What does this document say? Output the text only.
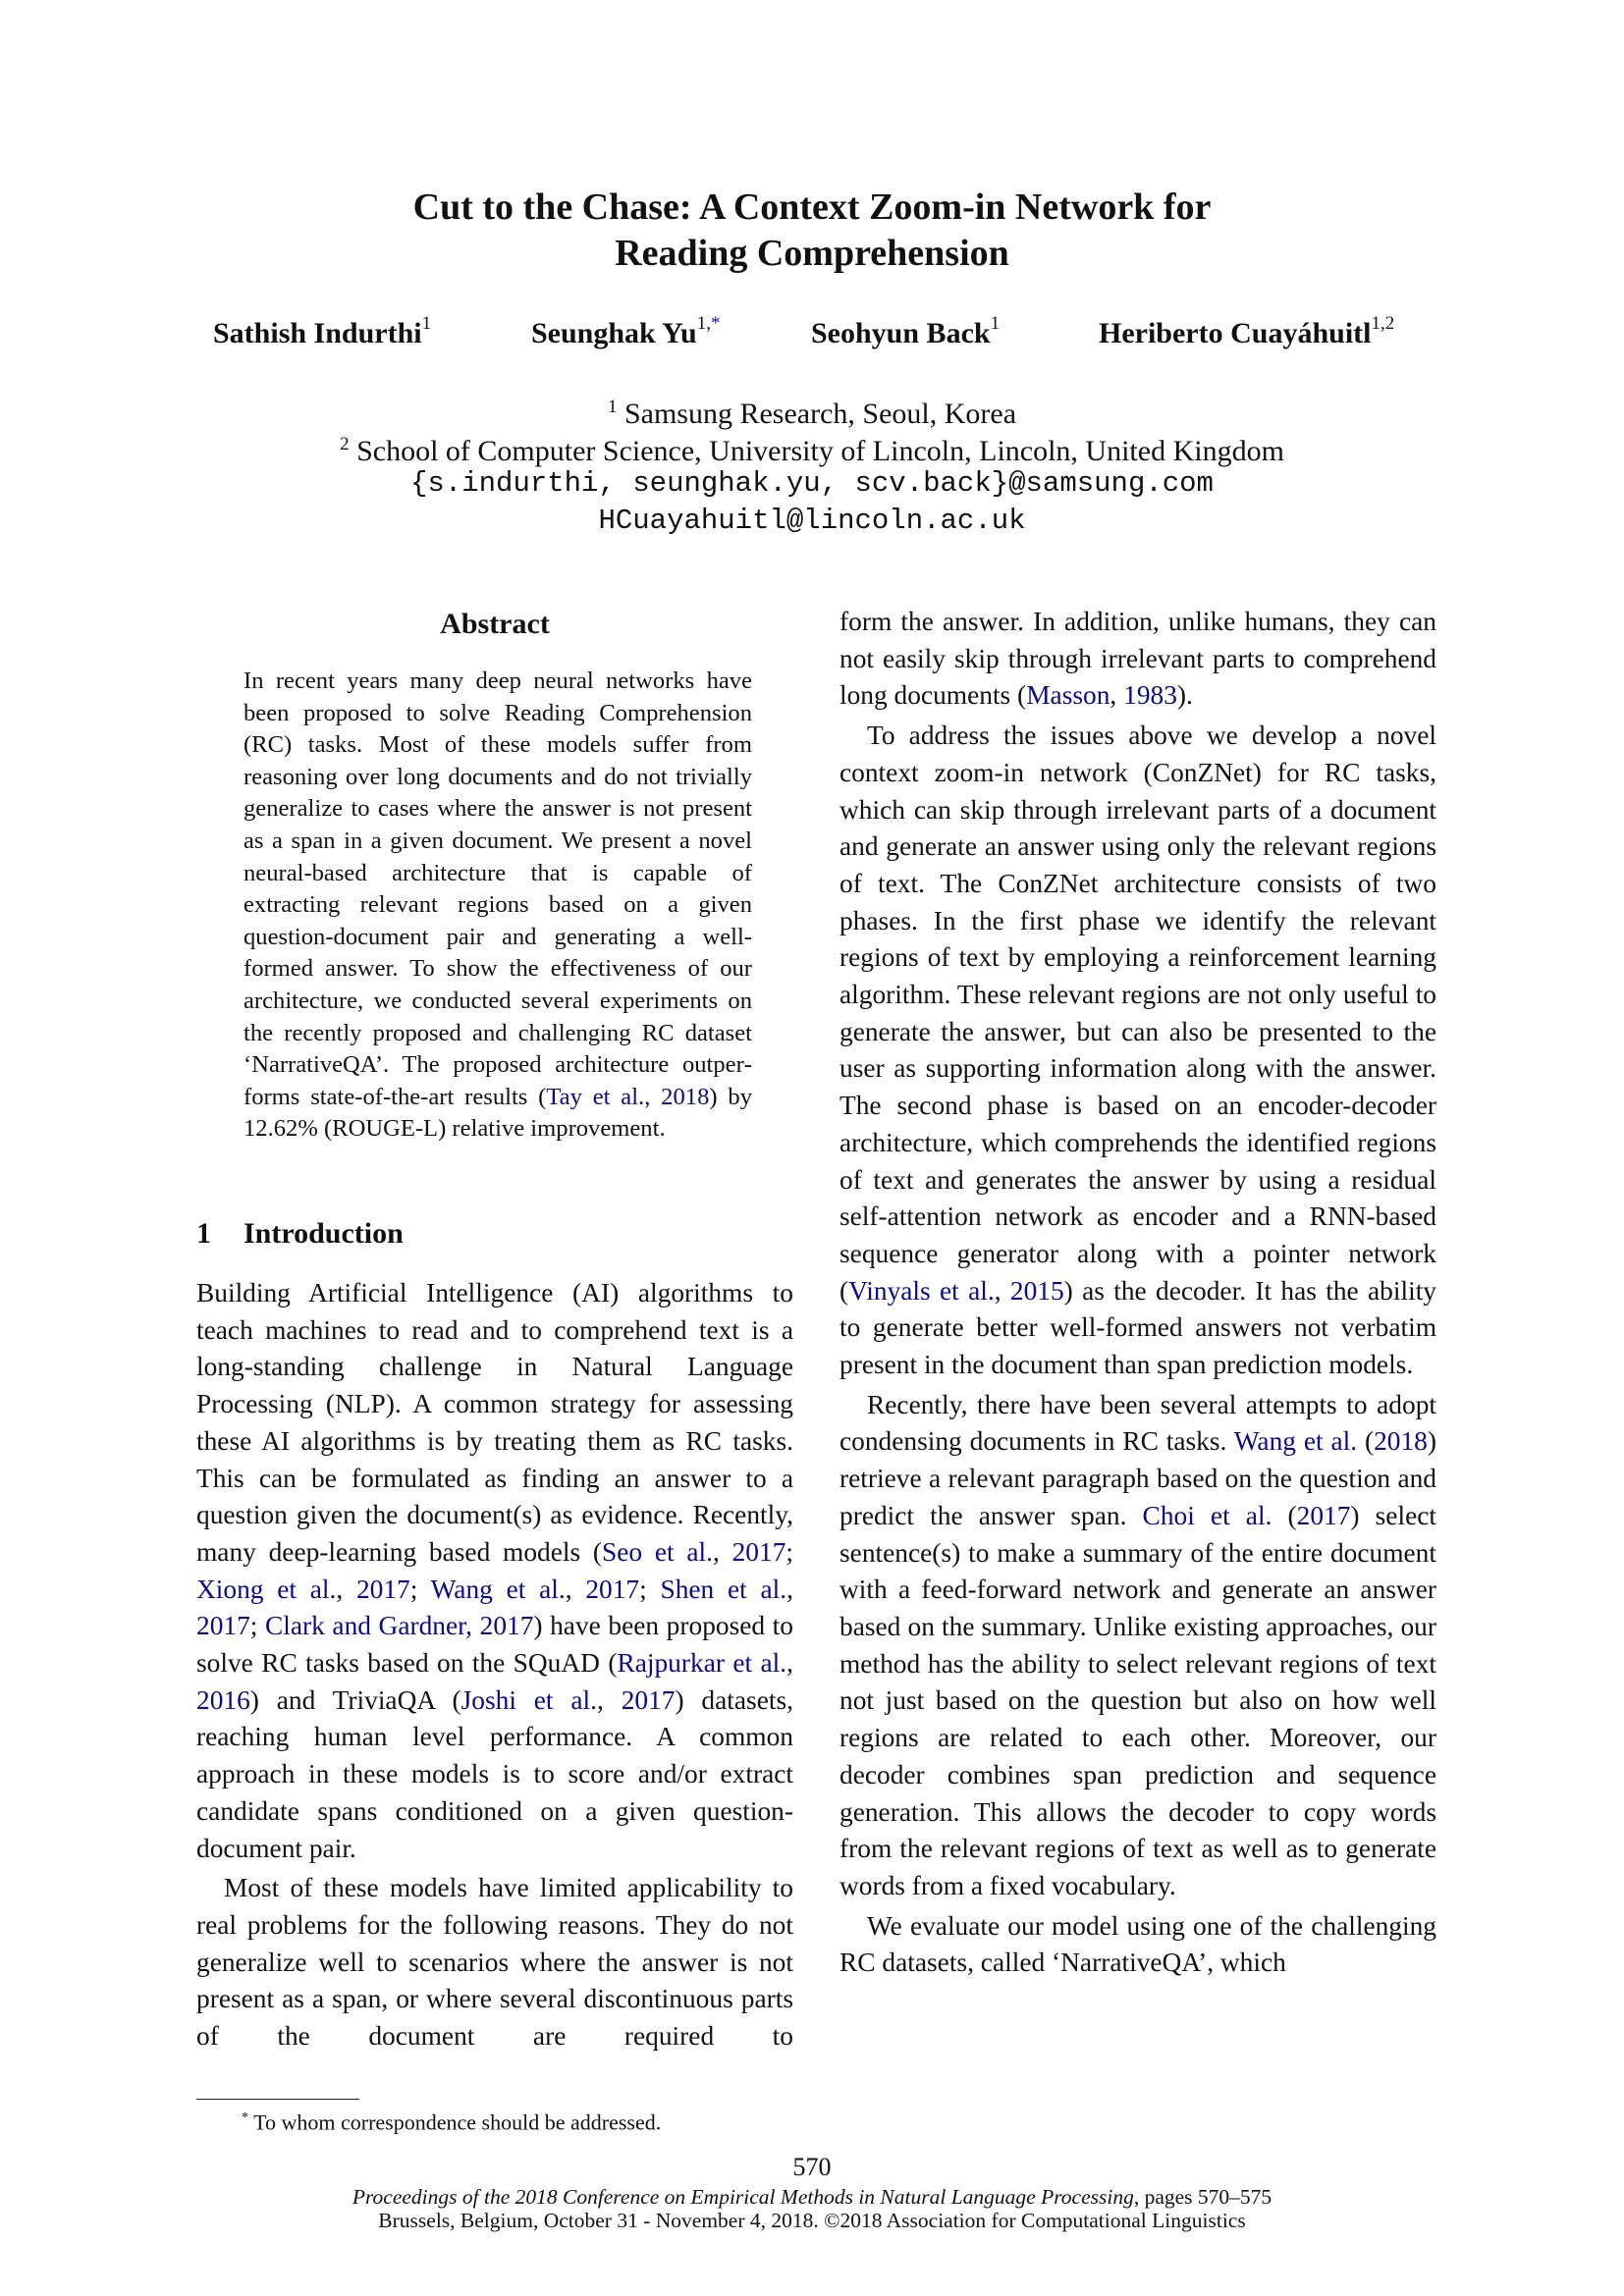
Cut to the Chase: A Context Zoom-in Network for
Reading Comprehension
Sathish Indurthi$^1$	Seunghak $Yu^{1,*}$	Seohyun Back$^1$	Heriberto Cuayáhuitl$^{1,2}$
$^1$ Samsung Research, Seoul, Korea
$^2$ School of Computer Science, University of Lincoln, Lincoln, United Kingdom
{s.indurthi, seunghak.yu, scv.back}@samsung.com
HCuayahuitl@lincoln.ac.uk
Abstract
In recent years many deep neural networks have been proposed to solve Reading Comprehension (RC) tasks. Most of these models suffer from reasoning over long documents and do not trivially generalize to cases where the answer is not present as a span in a given document. We present a novel neural-based architecture that is capable of extracting relevant regions based on a given question-document pair and generating a well-formed answer. To show the effectiveness of our architecture, we conducted several experiments on the recently proposed and challenging RC dataset ‘NarrativeQA’. The proposed architecture outperforms state-of-the-art results (Tay et al., 2018) by 12.62% (ROUGE-L) relative improvement.
1 Introduction

Building Artificial Intelligence (AI) algorithms to teach machines to read and to comprehend text is a long-standing challenge in Natural Language Processing (NLP). A common strategy for assessing these AI algorithms is by treating them as RC tasks. This can be formulated as finding an answer to a question given the document(s) as evidence. Recently, many deep-learning based models (Seo et al., 2017; Xiong et al., 2017; Wang et al., 2017; Shen et al., 2017; Clark and Gardner, 2017) have been proposed to solve RC tasks based on the SQuAD (Rajpurkar et al., 2016) and TriviaQA (Joshi et al., 2017) datasets, reaching human level performance. A common approach in these models is to score and/or extract candidate spans conditioned on a given question-document pair.

Most of these models have limited applicability to real problems for the following reasons. They do not generalize well to scenarios where the answer is not present as a span, or where several discontinuous parts of the document are required to

form the answer. In addition, unlike humans, they can not easily skip through irrelevant parts to comprehend long documents (Masson, 1983).

To address the issues above we develop a novel context zoom-in network (ConZNet) for RC tasks, which can skip through irrelevant parts of a document and generate an answer using only the relevant regions of text. The ConZNet architecture consists of two phases. In the first phase we identify the relevant regions of text by employing a reinforcement learning algorithm. These relevant regions are not only useful to generate the answer, but can also be presented to the user as supporting information along with the answer. The second phase is based on an encoder-decoder architecture, which comprehends the identified regions of text and generates the answer by using a residual self-attention network as encoder and a RNN-based sequence generator along with a pointer network (Vinyals et al., 2015) as the decoder. It has the ability to generate better well-formed answers not verbatim present in the document than span prediction models.

Recently, there have been several attempts to adopt condensing documents in RC tasks. Wang et al. (2018) retrieve a relevant paragraph based on the question and predict the answer span. Choi et al. (2017) select sentence(s) to make a summary of the entire document with a feed-forward network and generate an answer based on the summary. Unlike existing approaches, our method has the ability to select relevant regions of text not just based on the question but also on how well regions are related to each other. Moreover, our decoder combines span prediction and sequence generation. This allows the decoder to copy words from the relevant regions of text as well as to generate words from a fixed vocabulary.

We evaluate our model using one of the challenging RC datasets, called ‘NarrativeQA’, which

* To whom correspondence should be addressed.
570
Proceedings of the 2018 Conference on Empirical Methods in Natural Language Processing, pages 570–575
Brussels, Belgium, October 31 - November 4, 2018. ©2018 Association for Computational Linguistics
